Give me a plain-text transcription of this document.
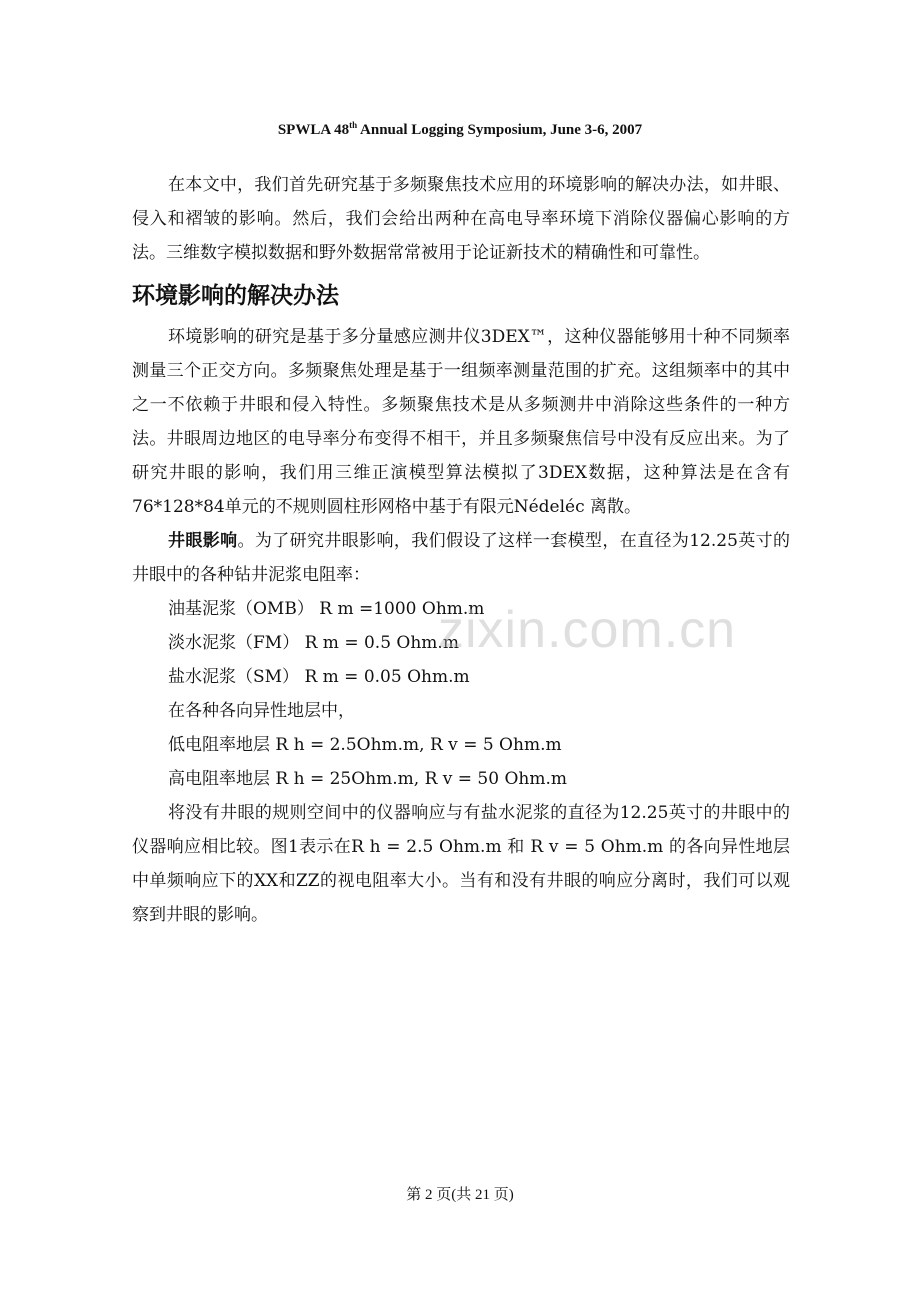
SPWLA 48th Annual Logging Symposium, June 3-6, 2007

在本文中，我们首先研究基于多频聚焦技术应用的环境影响的解决办法，如井眼、侵入和褶皱的影响。然后，我们会给出两种在高电导率环境下消除仪器偏心影响的方法。三维数字模拟数据和野外数据常常被用于论证新技术的精确性和可靠性。

环境影响的解决办法

环境影响的研究是基于多分量感应测井仪3DEX™，这种仪器能够用十种不同频率测量三个正交方向。多频聚焦处理是基于一组频率测量范围的扩充。这组频率中的其中之一不依赖于井眼和侵入特性。多频聚焦技术是从多频测井中消除这些条件的一种方法。井眼周边地区的电导率分布变得不相干，并且多频聚焦信号中没有反应出来。为了研究井眼的影响，我们用三维正演模型算法模拟了3DEX数据，这种算法是在含有76*128*84单元的不规则圆柱形网格中基于有限元Nédeléc 离散。

井眼影响。为了研究井眼影响，我们假设了这样一套模型，在直径为12.25英寸的井眼中的各种钻井泥浆电阻率：

油基泥浆（OMB） R m =1000 Ohm.m

淡水泥浆（FM） R m = 0.5 Ohm.m

盐水泥浆（SM） R m = 0.05 Ohm.m

在各种各向异性地层中，

低电阻率地层 R h = 2.5Ohm.m, R v = 5 Ohm.m

高电阻率地层 R h = 25Ohm.m, R v = 50 Ohm.m

将没有井眼的规则空间中的仪器响应与有盐水泥浆的直径为12.25英寸的井眼中的仪器响应相比较。图1表示在R h = 2.5 Ohm.m 和 R v = 5 Ohm.m 的各向异性地层中单频响应下的XX和ZZ的视电阻率大小。当有和没有井眼的响应分离时，我们可以观察到井眼的影响。

zixin.com.cn
第 2 页(共 21 页)
